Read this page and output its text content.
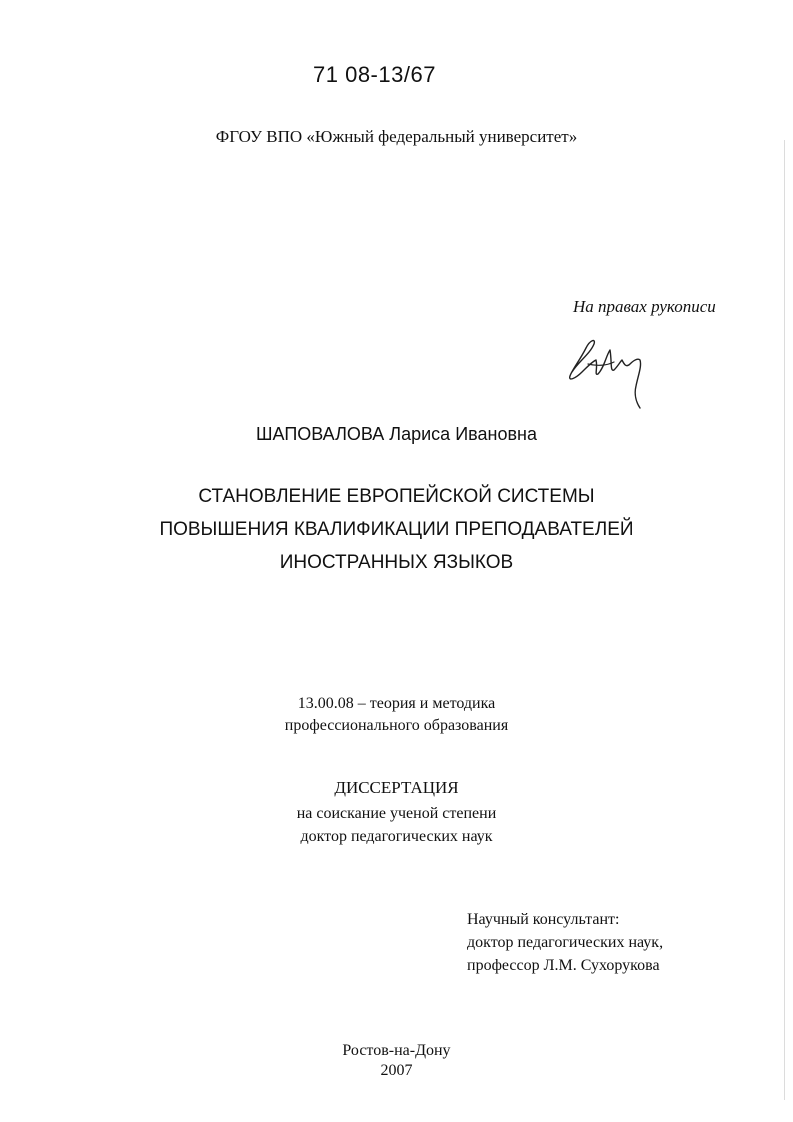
71 08-13/67
ФГОУ ВПО «Южный федеральный университет»
На правах рукописи
ШАПОВАЛОВА Лариса Ивановна
СТАНОВЛЕНИЕ ЕВРОПЕЙСКОЙ СИСТЕМЫ
ПОВЫШЕНИЯ КВАЛИФИКАЦИИ ПРЕПОДАВАТЕЛЕЙ
ИНОСТРАННЫХ ЯЗЫКОВ
13.00.08 – теория и методика
профессионального образования
ДИССЕРТАЦИЯ
на соискание ученой степени
доктор педагогических наук
Научный консультант:
доктор педагогических наук,
профессор Л.М. Сухорукова
Ростов-на-Дону
2007
